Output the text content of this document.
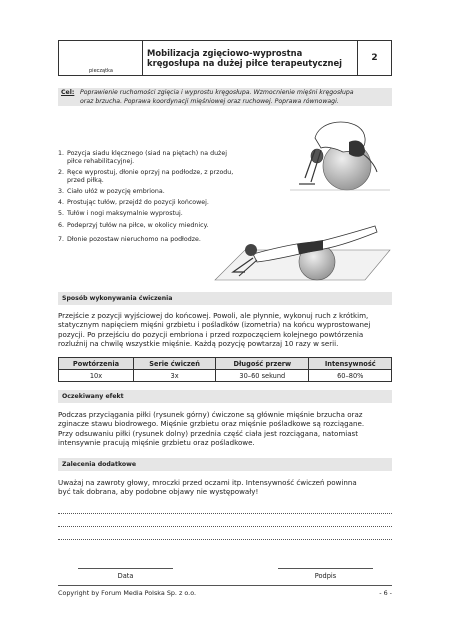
pieczątka
Mobilizacja zgięciowo-wyprostna
kręgosłupa na dużej piłce terapeutycznej	2
Cel: Poprawienie ruchomości zgięcia i wyprostu kręgosłupa. Wzmocnienie mięśni kręgosłupa
oraz brzucha. Poprawa koordynacji mięśniowej oraz ruchowej. Poprawa równowagi.
1. Pozycja siadu klęcznego (siad na piętach) na dużej
piłce rehabilitacyjnej.
2. Ręce wyprostuj, dłonie oprzyj na podłodze, z przodu,
przed piłką.
3. Ciało ułóż w pozycję embriona.
4. Prostując tułów, przejdź do pozycji końcowej.
5. Tułów i nogi maksymalnie wyprostuj.
6. Podeprzyj tułów na piłce, w okolicy miednicy.
7. Dłonie pozostaw nieruchomo na podłodze.
Sposób wykonywania ćwiczenia
Przejście z pozycji wyjściowej do końcowej. Powoli, ale płynnie, wykonuj ruch z krótkim,
statycznym napięciem mięśni grzbietu i pośladków (izometria) na końcu wyprostowanej
pozycji. Po przejściu do pozycji embriona i przed rozpoczęciem kolejnego powtórzenia
rozluźnij na chwilę wszystkie mięśnie. Każdą pozycję powtarzaj 10 razy w serii.
Powtórzenia	Serie ćwiczeń	Długość przerw	Intensywność
10x	3x	30–60 sekund	60–80%
Oczekiwany efekt
Podczas przyciągania piłki (rysunek górny) ćwiczone są głównie mięśnie brzucha oraz
zginacze stawu biodrowego. Mięśnie grzbietu oraz mięśnie pośladkowe są rozciągane.
Przy odsuwaniu piłki (rysunek dolny) przednia część ciała jest rozciągana, natomiast
intensywnie pracują mięśnie grzbietu oraz pośladkowe.
Zalecenia dodatkowe
Uważaj na zawroty głowy, mroczki przed oczami itp. Intensywność ćwiczeń powinna
być tak dobrana, aby podobne objawy nie występowały!
Data	Podpis
Copyright by Forum Media Polska Sp. z o.o.	- 6 -
